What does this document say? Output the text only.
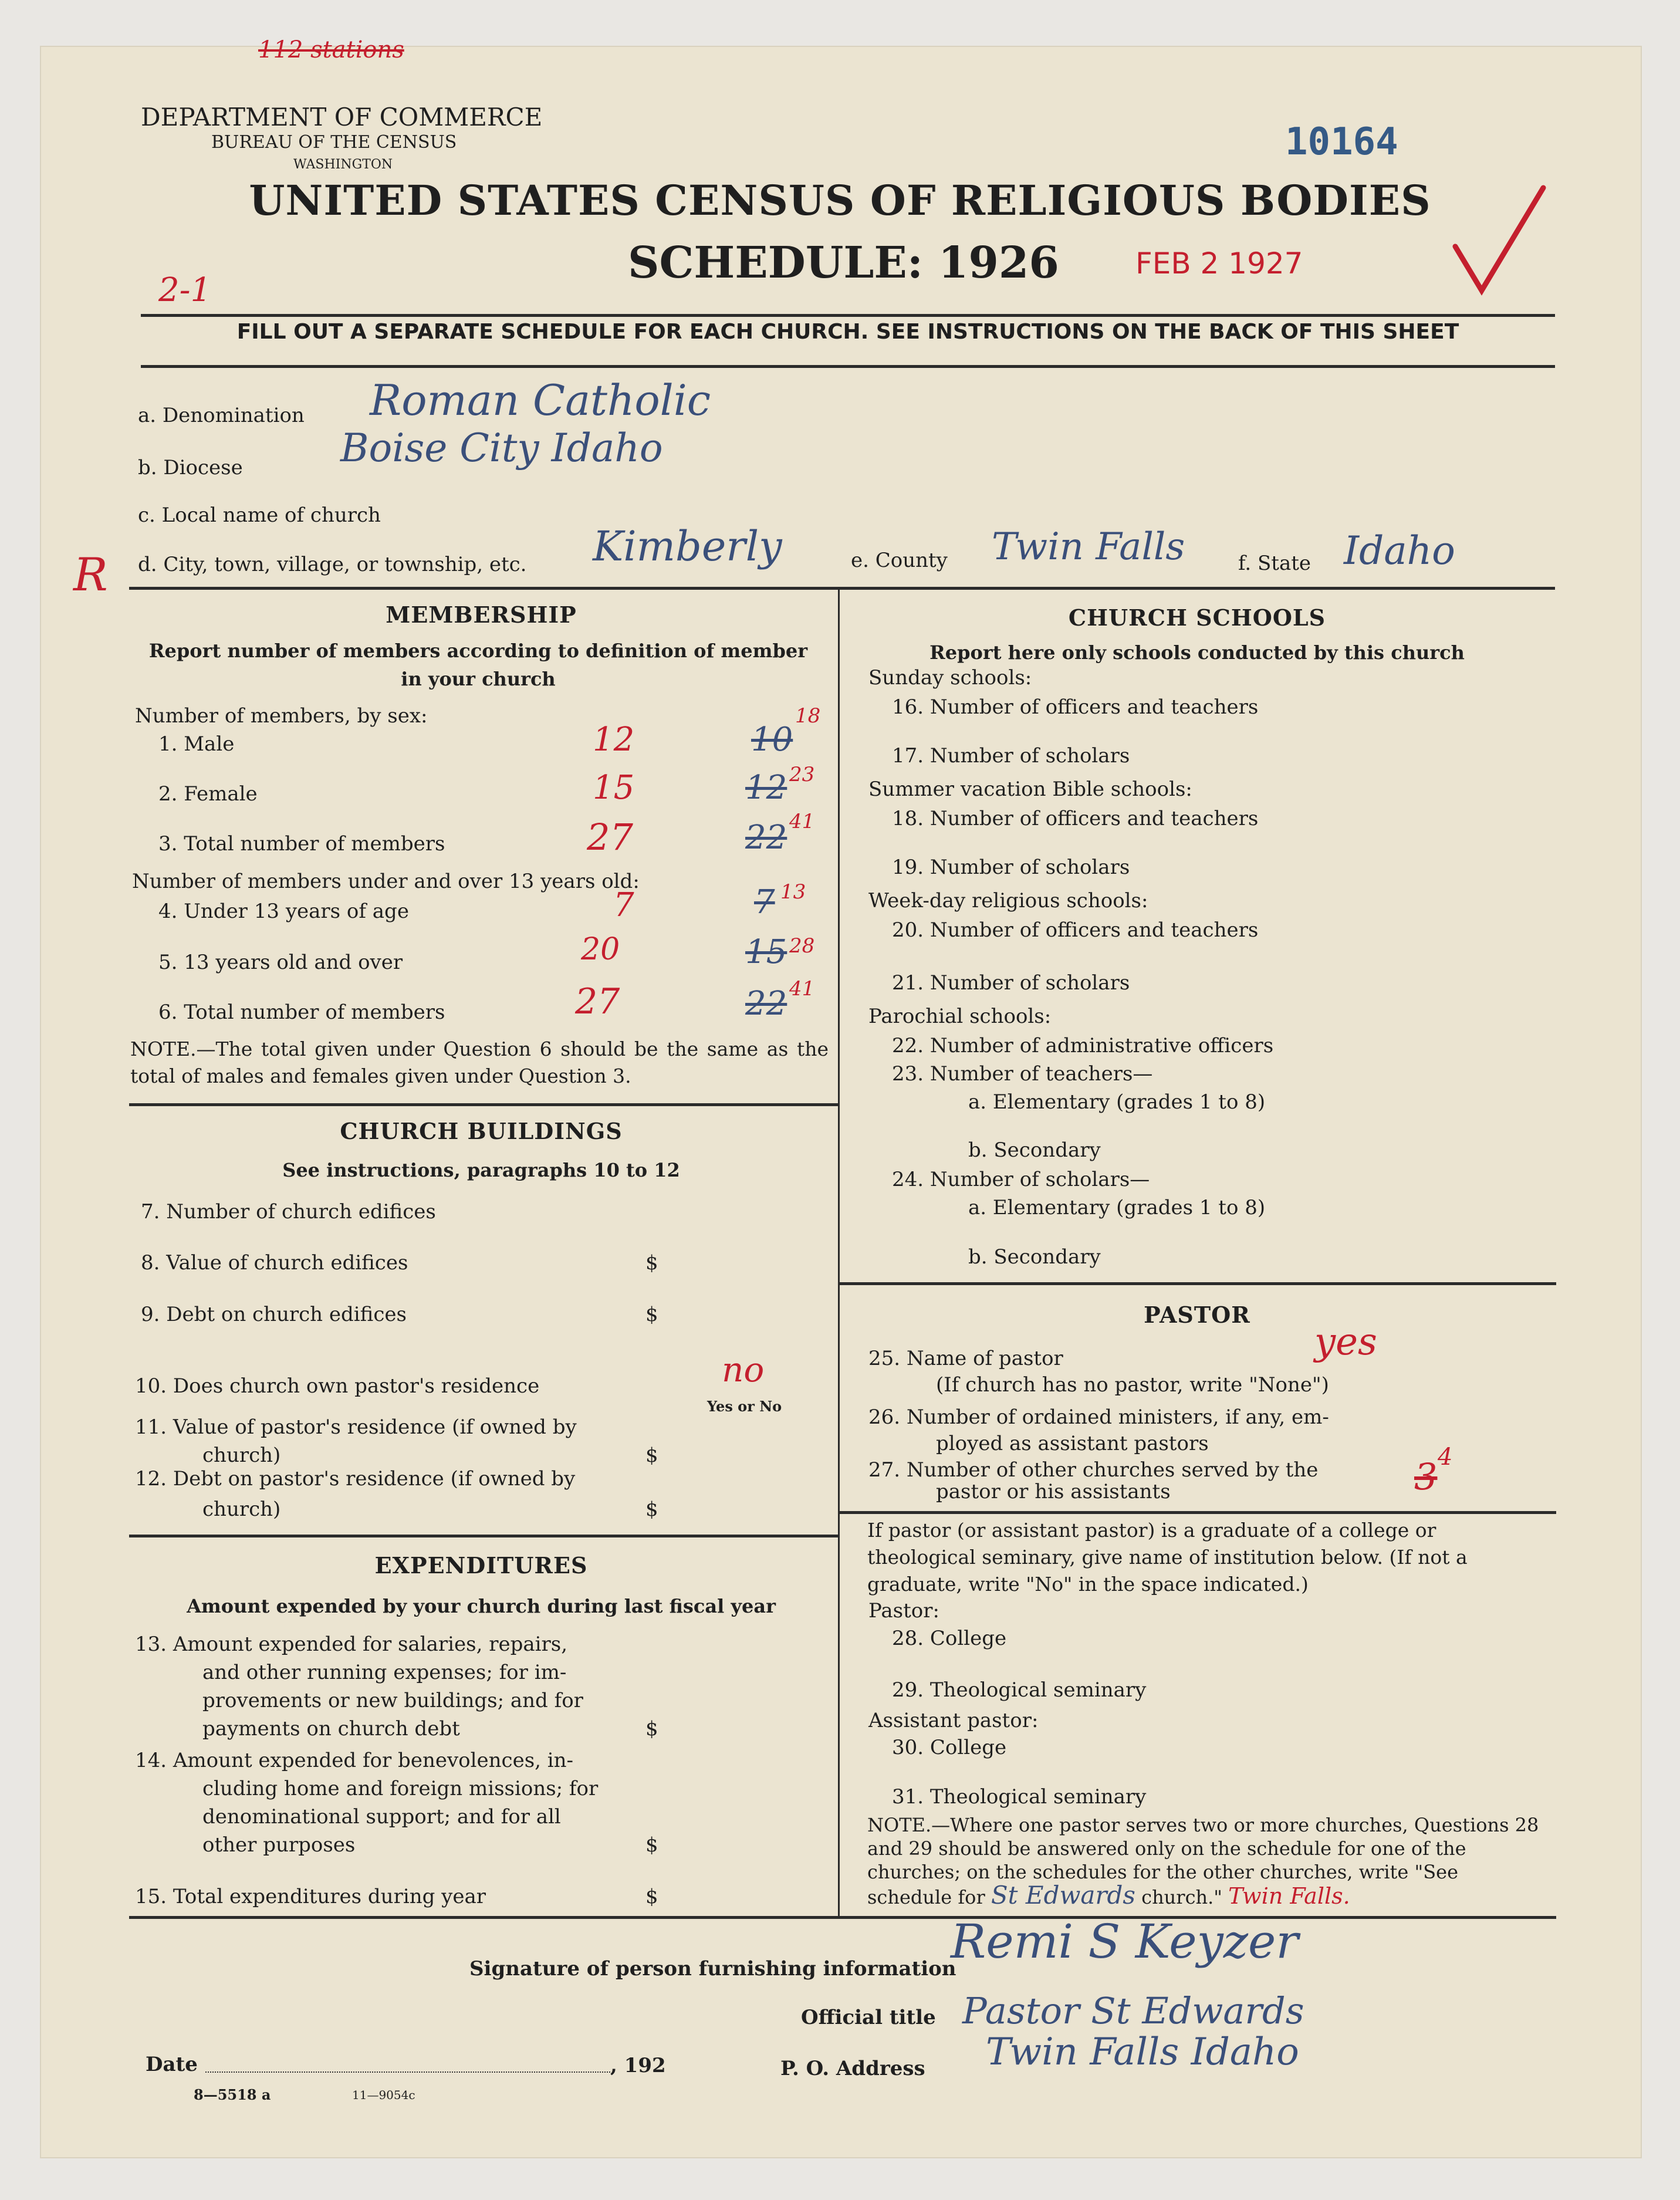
112 stations
DEPARTMENT OF COMMERCE
BUREAU OF THE CENSUS
WASHINGTON
10164
UNITED STATES CENSUS OF RELIGIOUS BODIES
SCHEDULE: 1926	FEB 2 1927
2-1
FILL OUT A SEPARATE SCHEDULE FOR EACH CHURCH. SEE INSTRUCTIONS ON THE BACK OF THIS SHEET
a. Denomination Roman Catholic
b. Diocese	Boise City Idaho
c. Local name of church
R d. City, town, village, or township, etc. Kimberly	e. County Twin Falls	f. State Idaho
MEMBERSHIP
Report number of members according to definition of member in your church
Number of members, by sex:
1. Male	12	10
18
2. Female	15	12 23
3. Total number of members	27	22 41
Number of members under and over 13 years old:
4. Under 13 years of age	7	7 13
5. 13 years old and over	20	15 28
6. Total number of members	27	22 41
NOTE.—The total given under Question 6 should be the same as the total of males and females given under Question 3.
CHURCH BUILDINGS
See instructions, paragraphs 10 to 12
7. Number of church edifices
8. Value of church edifices	$
9. Debt on church edifices	$
10. Does church own pastor's residence	no
Yes or No
11. Value of pastor's residence (if owned by
church)	$
12. Debt on pastor's residence (if owned by
church)	$
EXPENDITURES
Amount expended by your church during last fiscal year
13. Amount expended for salaries, repairs,
and other running expenses; for im-
provements or new buildings; and for
payments on church debt	$
14. Amount expended for benevolences, in-
cluding home and foreign missions; for
denominational support; and for all
other purposes	$
15. Total expenditures during year	$
CHURCH SCHOOLS
Report here only schools conducted by this church
Sunday schools:
16. Number of officers and teachers
17. Number of scholars
Summer vacation Bible schools:
18. Number of officers and teachers
19. Number of scholars
Week-day religious schools:
20. Number of officers and teachers
21. Number of scholars
Parochial schools:
22. Number of administrative officers
23. Number of teachers—
a. Elementary (grades 1 to 8)
b. Secondary
24. Number of scholars—
a. Elementary (grades 1 to 8)
b. Secondary
PASTOR
25. Name of pastor	yes
(If church has no pastor, write "None")
26. Number of ordained ministers, if any, em-
ployed as assistant pastors
27. Number of other churches served by the
pastor or his assistants	3 4
If pastor (or assistant pastor) is a graduate of a college or theological seminary, give name of institution below. (If not a graduate, write "No" in the space indicated.)
Pastor:
28. College
29. Theological seminary
Assistant pastor:
30. College
31. Theological seminary
NOTE.—Where one pastor serves two or more churches, Questions 28 and 29 should be answered only on the schedule for one of the churches; on the schedules for the other churches, write "See schedule for St Edwards church." Twin Falls.
Signature of person furnishing information
Remi S Keyzer
Official title Pastor St Edwards
Date	, 192	P. O. Address Twin Falls Idaho
8—5518 a	11—9054c
